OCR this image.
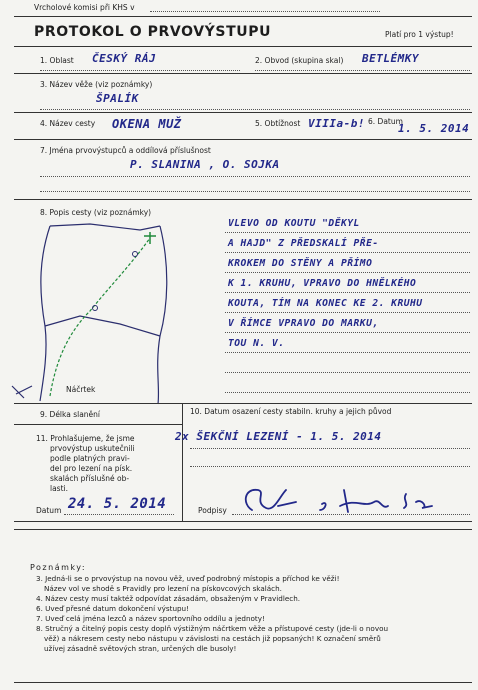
Vrcholové komisi při KHS v
PROTOKOL O PRVOVÝSTUPU	Platí pro 1 výstup!
1. Oblast ČESKÝ RÁJ	2. Obvod (skupina skal) BETLÉMKY
3. Název věže (viz poznámky)
ŠPALÍK
4. Název cesty OKENA MUŽ	5. Obtížnost VIIIa-b! 6. Datum
1. 5. 2014
7. Jména prvovýstupců a oddílová příslušnost
P. SLANINA , O. SOJKA
8. Popis cesty (viz poznámky)
Náčrtek
VLEVO OD KOUTU "DĚKYL
A HAJD" Z PŘEDSKALÍ PŘE-
KROKEM DO STĚNY A PŘÍMO
K 1. KRUHU, VPRAVO DO HNĚLKÉHO
KOUTA, TÍM NA KONEC KE 2. KRUHU
V ŘÍMCE VPRAVO DO MARKU,
TOU N. V.
9. Délka slanění	10. Datum osazení cesty stabiln. kruhy a jejich původ
2x ŠEKČNÍ LEZENÍ - 1. 5. 2014
11. Prohlašujeme, že jsme
prvovýstup uskutečnili
podle platných pravi-
del pro lezení na písk.
skalách příslušné ob-
lasti.
Datum 24. 5. 2014	Podpisy
Poznámky:
3. Jedná-li se o prvovýstup na novou věž, uveď podrobný místopis a příchod ke věži!
Název vol ve shodě s Pravidly pro lezení na pískovcových skalách.
4. Název cesty musí taktéž odpovídat zásadám, obsaženým v Pravidlech.
6. Uveď přesné datum dokončení výstupu!
7. Uveď celá jména lezců a název sportovního oddílu a jednoty!
8. Stručný a čitelný popis cesty doplň výstižným náčrtkem věže a přístupové cesty (jde-li o novou
věž) a nákresem cesty nebo nástupu v závislosti na cestách již popsaných! K označení směrů
užívej zásadně světových stran, určených dle busoly!
